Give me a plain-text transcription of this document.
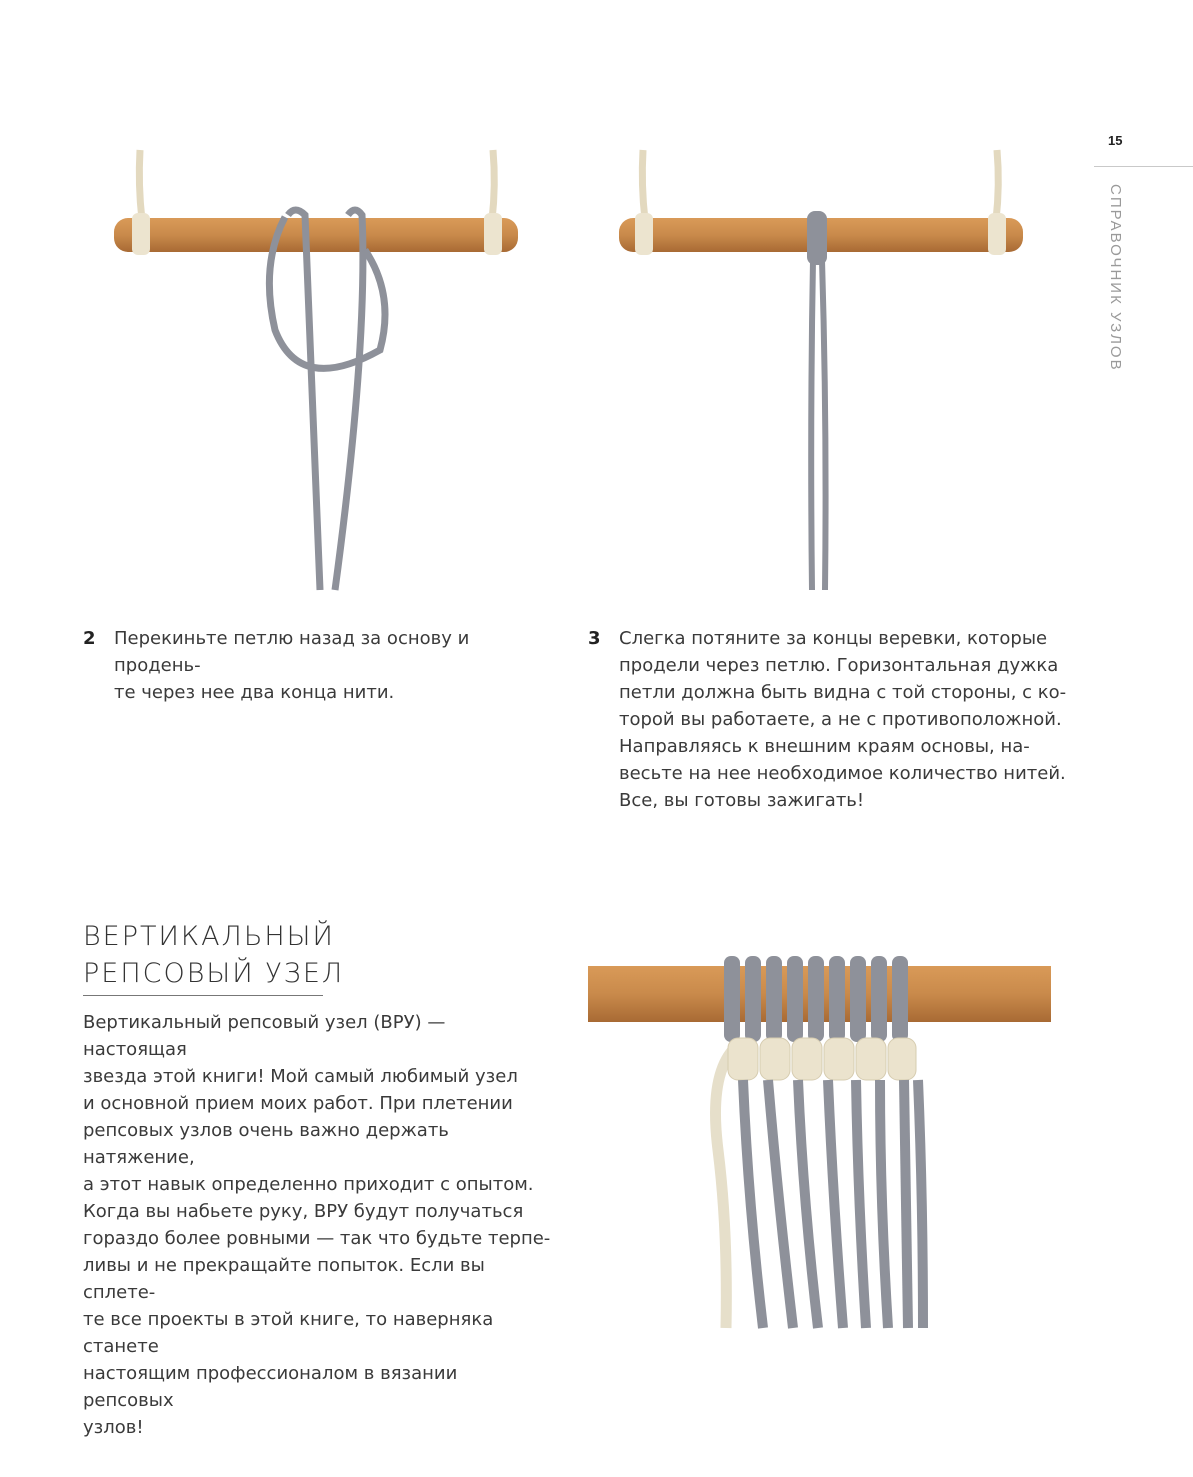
15
СПРАВОЧНИК УЗЛОВ
2 Перекиньте петлю назад за основу и продень-
те через нее два конца нити.
3 Слегка потяните за концы веревки, которые
продели через петлю. Горизонтальная дужка
петли должна быть видна с той стороны, с ко-
торой вы работаете, а не с противоположной.
Направляясь к внешним краям основы, на-
весьте на нее необходимое количество нитей.
Все, вы готовы зажигать!
ВЕРТИКАЛЬНЫЙ
РЕПСОВЫЙ УЗЕЛ
Вертикальный репсовый узел (ВРУ) — настоящая
звезда этой книги! Мой самый любимый узел
и основной прием моих работ. При плетении
репсовых узлов очень важно держать натяжение,
а этот навык определенно приходит с опытом.
Когда вы набьете руку, ВРУ будут получаться
гораздо более ровными — так что будьте терпе-
ливы и не прекращайте попыток. Если вы сплете-
те все проекты в этой книге, то наверняка станете
настоящим профессионалом в вязании репсовых
узлов!
